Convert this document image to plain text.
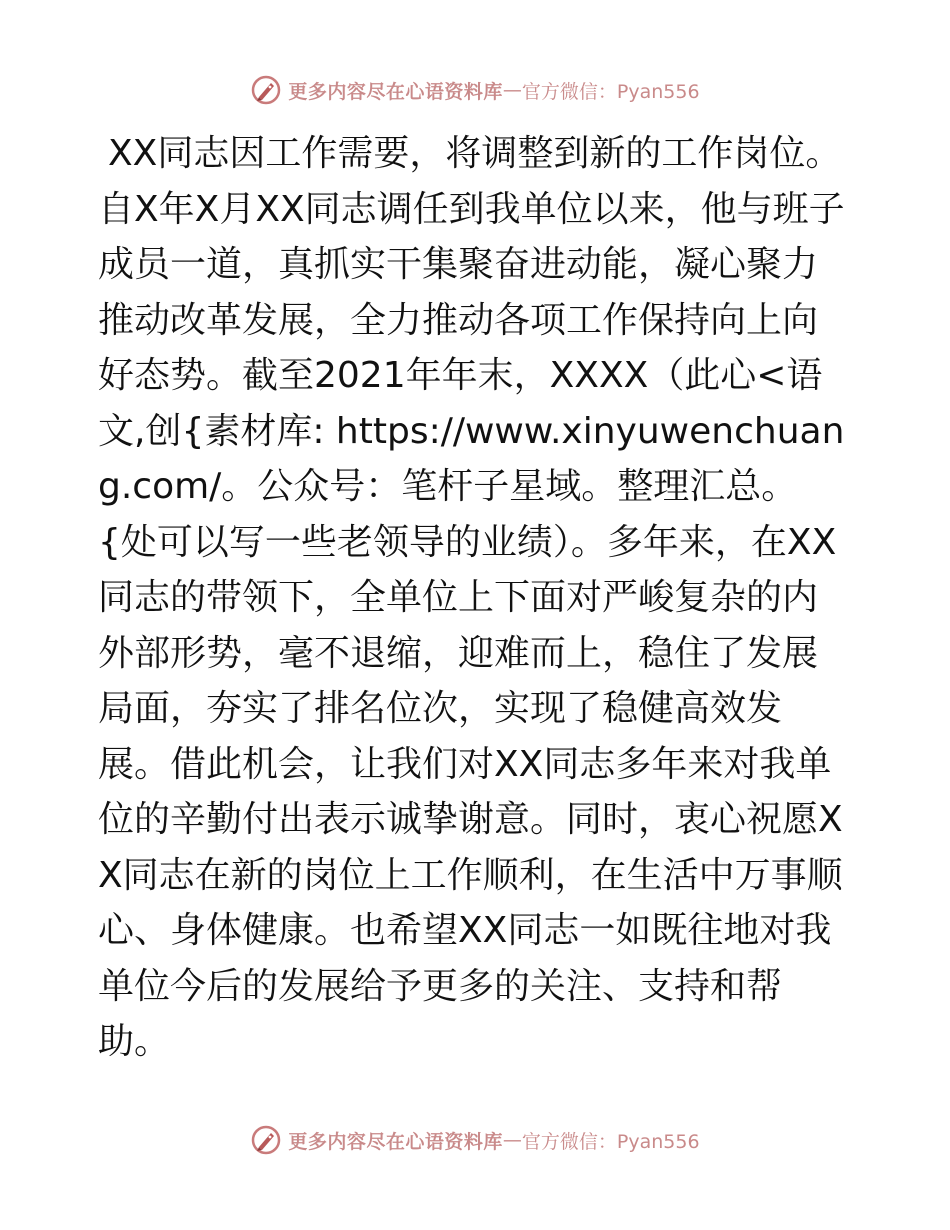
更多内容尽在心语资料库 — 官方微信：Pyan556

XX同志因工作需要，将调整到新的工作岗位。自X年X月XX同志调任到我单位以来，他与班子成员一道，真抓实干集聚奋进动能，凝心聚力推动改革发展，全力推动各项工作保持向上向好态势。截至2021年年末，XXXX（此心<语文,创{素材库: https://www.xinyuwenchuang.com/。公众号：笔杆子星域。整理汇总。{处可以写一些老领导的业绩）。多年来，在XX同志的带领下，全单位上下面对严峻复杂的内外部形势，毫不退缩，迎难而上，稳住了发展局面，夯实了排名位次，实现了稳健高效发展。借此机会，让我们对XX同志多年来对我单位的辛勤付出表示诚挚谢意。同时，衷心祝愿XX同志在新的岗位上工作顺利，在生活中万事顺心、身体健康。也希望XX同志一如既往地对我单位今后的发展给予更多的关注、支持和帮助。

更多内容尽在心语资料库 — 官方微信：Pyan556
